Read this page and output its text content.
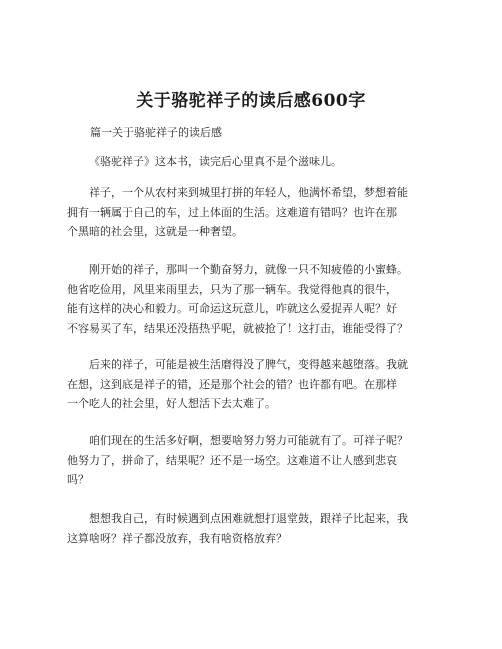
关于骆驼祥子的读后感600字

篇一关于骆驼祥子的读后感

《骆驼祥子》这本书，读完后心里真不是个滋味儿。

祥子，一个从农村来到城里打拼的年轻人，他满怀希望，梦想着能
拥有一辆属于自己的车，过上体面的生活。这难道有错吗？也许在那
个黑暗的社会里，这就是一种奢望。

刚开始的祥子，那叫一个勤奋努力，就像一只不知疲倦的小蜜蜂。
他省吃俭用，风里来雨里去，只为了那一辆车。我觉得他真的很牛，
能有这样的决心和毅力。可命运这玩意儿，咋就这么爱捉弄人呢？好
不容易买了车，结果还没捂热乎呢，就被抢了！这打击，谁能受得了？

后来的祥子，可能是被生活磨得没了脾气，变得越来越堕落。我就
在想，这到底是祥子的错，还是那个社会的错？也许都有吧。在那样
一个吃人的社会里，好人想活下去太难了。

咱们现在的生活多好啊，想要啥努力努力可能就有了。可祥子呢？
他努力了，拼命了，结果呢？还不是一场空。这难道不让人感到悲哀
吗？

想想我自己，有时候遇到点困难就想打退堂鼓，跟祥子比起来，我
这算啥呀？祥子都没放弃，我有啥资格放弃？
